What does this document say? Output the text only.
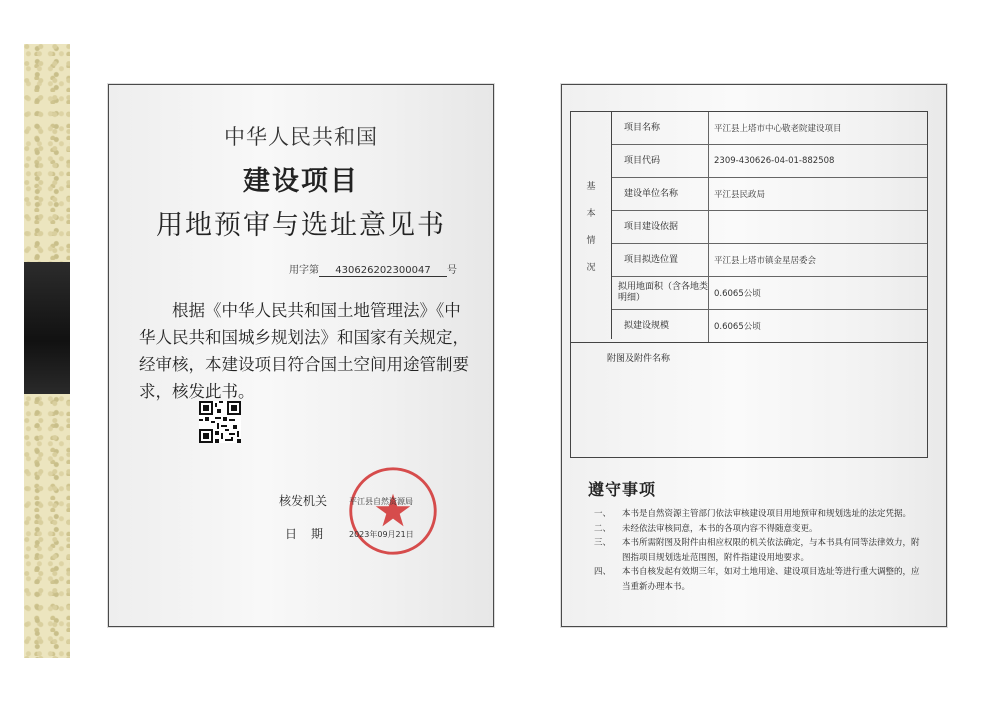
中华人民共和国
建设项目
用地预审与选址意见书
用字第 430626202300047 号
根据《中华人民共和国土地管理法》《中华人民共和国城乡规划法》和国家有关规定，经审核，本建设项目符合国土空间用途管制要求，核发此书。
核发机关	平江县自然资源局
日期 2023年09月21日
基
本
情
况
项目名称	平江县上塔市中心敬老院建设项目
项目代码	2309-430626-04-01-882508
建设单位名称	平江县民政局
项目建设依据
项目拟选位置	平江县上塔市镇金星居委会
拟用地面积（含各地类明细）	0.6065公顷
拟建设规模	0.6065公顷
附图及附件名称
遵守事项
一、	本书是自然资源主管部门依法审核建设项目用地预审和规划选址的法定凭据。
二、	未经依法审核同意，本书的各项内容不得随意变更。
三、	本书所需附图及附件由相应权限的机关依法确定，与本书具有同等法律效力，附图指项目规划选址范围图，附件指建设用地要求。
四、	本书自核发起有效期三年，如对土地用途、建设项目选址等进行重大调整的，应当重新办理本书。
